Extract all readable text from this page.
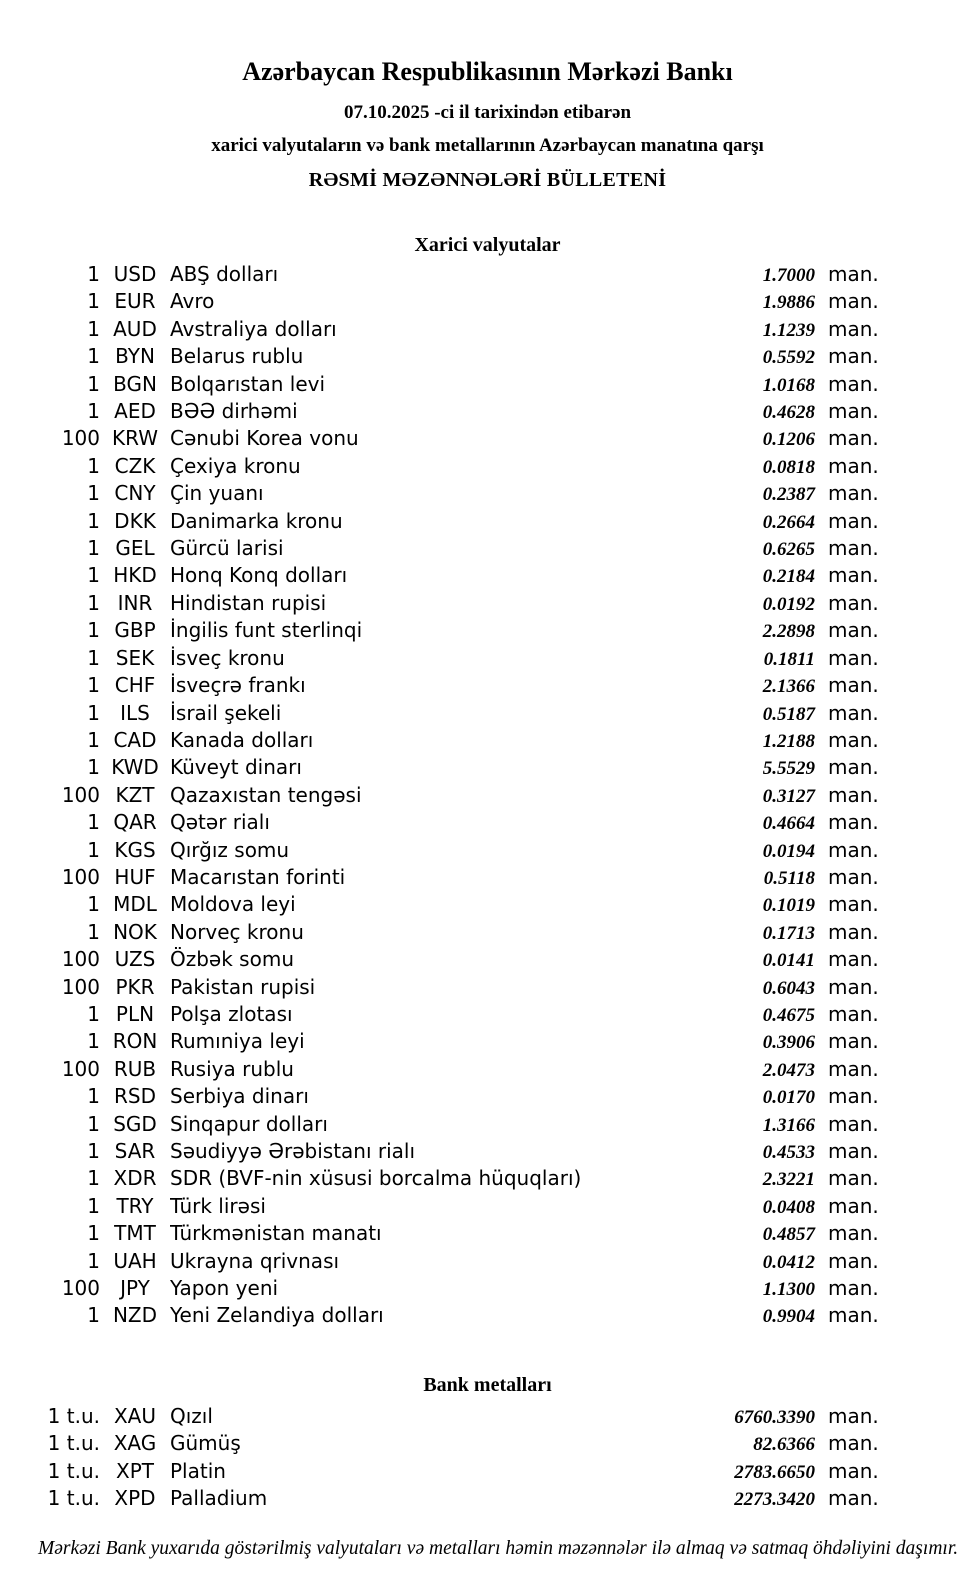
Azərbaycan Respublikasının Mərkəzi Bankı
07.10.2025 -ci il tarixindən etibarən
xarici valyutaların və bank metallarının Azərbaycan manatına qarşı
RƏSMİ MƏZƏNNƏLƏRİ BÜLLETENİ
Xarici valyutalar
1 USD ABŞ dolları	1.7000 man.
1 EUR Avro	1.9886 man.
1 AUD Avstraliya dolları	1.1239 man.
1 BYN Belarus rublu	0.5592 man.
1 BGN Bolqarıstan levi	1.0168 man.
1 AED BƏƏ dirhəmi	0.4628 man.
100 KRW Cənubi Korea vonu	0.1206 man.
1 CZK Çexiya kronu	0.0818 man.
1 CNY Çin yuanı	0.2387 man.
1 DKK Danimarka kronu	0.2664 man.
1 GEL Gürcü larisi	0.6265 man.
1 HKD Honq Konq dolları	0.2184 man.
1 INR Hindistan rupisi	0.0192 man.
1 GBP İngilis funt sterlinqi	2.2898 man.
1 SEK İsveç kronu	0.1811 man.
1 CHF İsveçrə frankı	2.1366 man.
1	ILS	İsrail şekeli	0.5187 man.
1 CAD Kanada dolları	1.2188 man.
1 KWD Küveyt dinarı	5.5529 man.
100 KZT Qazaxıstan tengəsi	0.3127 man.
1 QAR Qətər rialı	0.4664 man.
1 KGS Qırğız somu	0.0194 man.
100 HUF Macarıstan forinti	0.5118 man.
1 MDL Moldova leyi	0.1019 man.
1 NOK Norveç kronu	0.1713 man.
100 UZS Özbək somu	0.0141 man.
100 PKR Pakistan rupisi	0.6043 man.
1 PLN Polşa zlotası	0.4675 man.
1 RON Rumıniya leyi	0.3906 man.
100 RUB Rusiya rublu	2.0473 man.
1 RSD Serbiya dinarı	0.0170 man.
1 SGD Sinqapur dolları	1.3166 man.
1 SAR Səudiyyə Ərəbistanı rialı	0.4533 man.
1 XDR SDR (BVF-nin xüsusi borcalma hüquqları)	2.3221 man.
1 TRY Türk lirəsi	0.0408 man.
1 TMT Türkmənistan manatı	0.4857 man.
1 UAH Ukrayna qrivnası	0.0412 man.
100	JPY	Yapon yeni	1.1300 man.
1 NZD Yeni Zelandiya dolları	0.9904 man.
Bank metalları
1 t.u. XAU Qızıl	6760.3390 man.
1 t.u. XAG Gümüş	82.6366 man.
1 t.u. XPT Platin	2783.6650 man.
1 t.u. XPD Palladium	2273.3420 man.
Mərkəzi Bank yuxarıda göstərilmiş valyutaları və metalları həmin məzənnələr ilə almaq və satmaq öhdəliyini daşımır.
